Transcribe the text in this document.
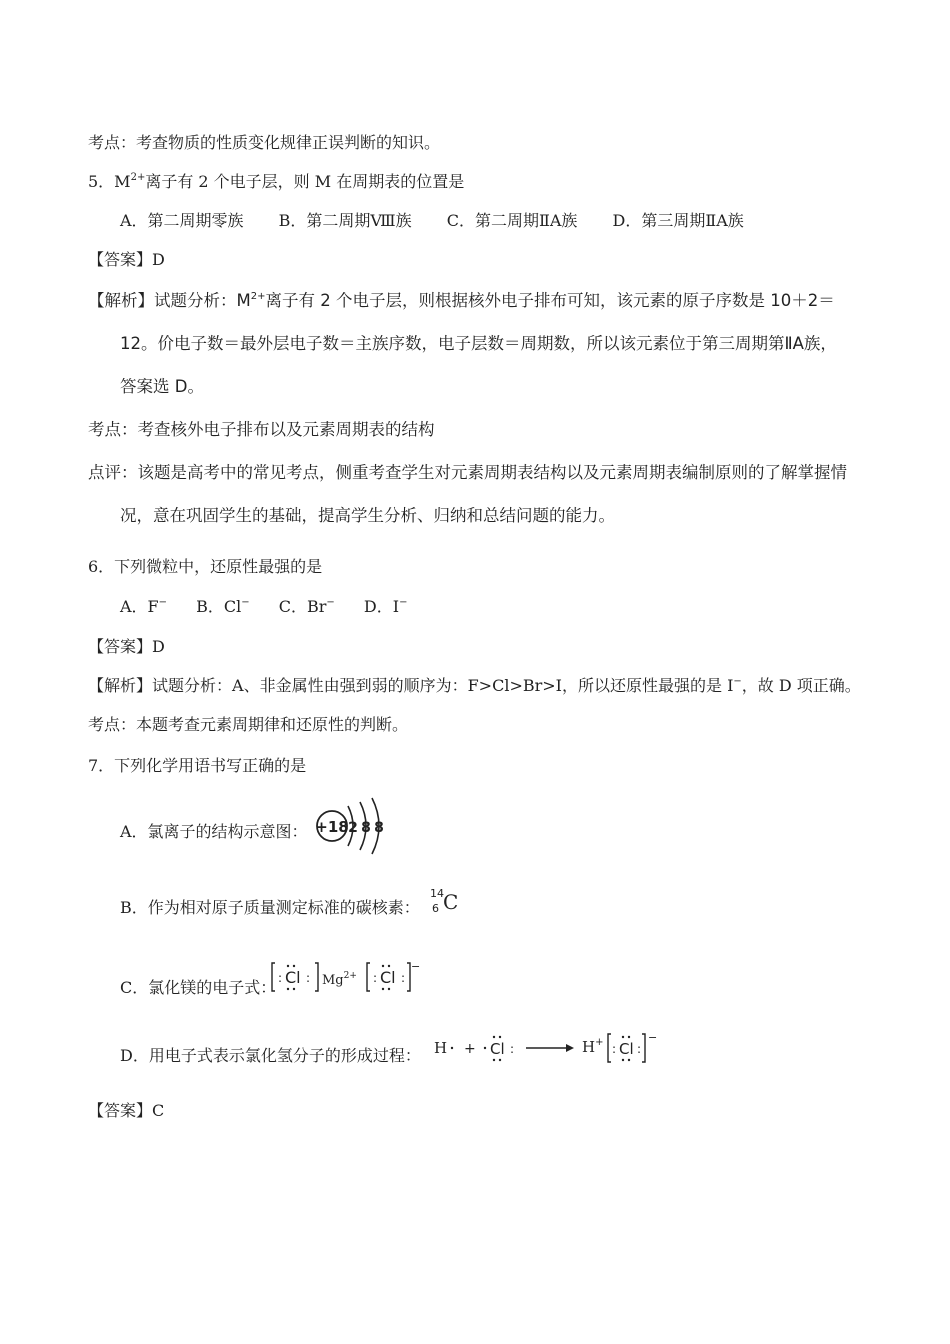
考点：考查物质的性质变化规律正误判断的知识。
5．$M^{2+}$离子有 2 个电子层，则 M 在周期表的位置是
A．第二周期零族 B．第二周期Ⅷ族 C．第二周期ⅡA族 D．第三周期ⅡA族
【答案】D
【解析】试题分析：$M^{2+}$离子有 2 个电子层，则根据核外电子排布可知，该元素的原子序数是 10＋2＝
12。价电子数＝最外层电子数＝主族序数，电子层数＝周期数，所以该元素位于第三周期第ⅡA族，
答案选 D。
考点：考查核外电子排布以及元素周期表的结构
点评：该题是高考中的常见考点，侧重考查学生对元素周期表结构以及元素周期表编制原则的了解掌握情
况，意在巩固学生的基础，提高学生分析、归纳和总结问题的能力。
6．下列微粒中，还原性最强的是
A．F− B．Cl− C．Br− D．I−
【答案】D
【解析】试题分析：A、非金属性由强到弱的顺序为：F>Cl>Br>I，所以还原性最强的是 I−，故 D 项正确。
考点：本题考查元素周期律和还原性的判断。
7．下列化学用语书写正确的是
A．氯离子的结构示意图： +18 2 8 8
B．作为相对原子质量测定标准的碳核素：
14
6 C
C．氯化镁的电子式： : Cl : $Mg^{2+}$ : Cl :
−
D．用电子式表示氯化氢分子的形成过程： H + Cl :	H+ : Cl :
−
【答案】C
